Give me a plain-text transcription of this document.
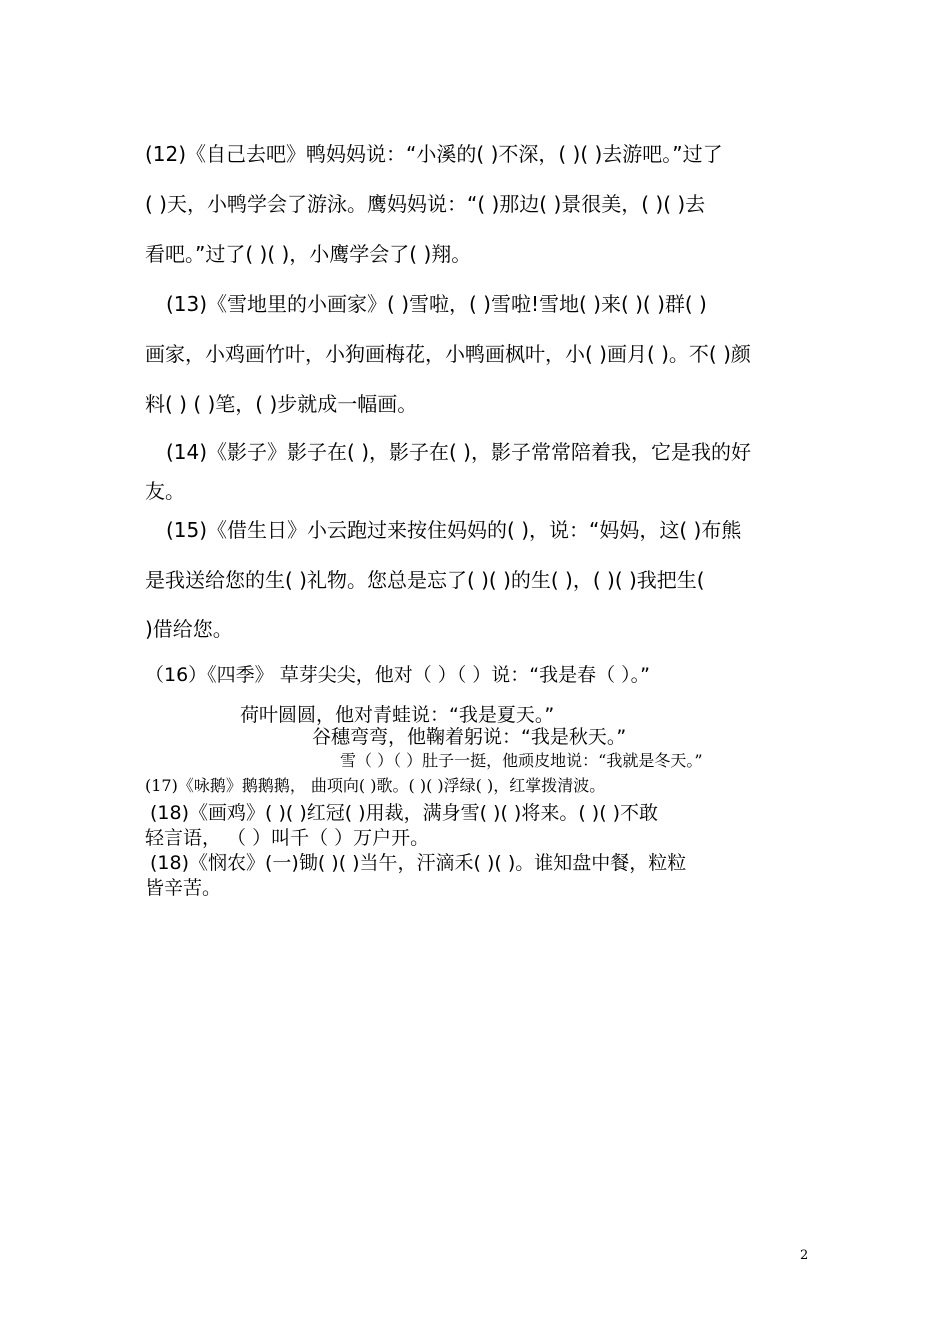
(12)《自己去吧》鸭妈妈说：“小溪的( )不深，( )( )去游吧。”过了
( )天，小鸭学会了游泳。鹰妈妈说：“( )那边( )景很美，( )( )去
看吧。”过了( )( )，小鹰学会了( )翔。
(13)《雪地里的小画家》( )雪啦，( )雪啦!雪地( )来( )( )群( )
画家，小鸡画竹叶，小狗画梅花，小鸭画枫叶，小( )画月( )。不( )颜
料( ) ( )笔，( )步就成一幅画。
(14)《影子》影子在( )，影子在( )，影子常常陪着我，它是我的好
友。
(15)《借生日》小云跑过来按住妈妈的( )，说：“妈妈，这( )布熊
是我送给您的生( )礼物。您总是忘了( )( )的生( )，( )( )我把生(
)借给您。
（16）《四季》 草芽尖尖，他对（ ）（ ）说：“我是春（ ）。”
荷叶圆圆，他对青蛙说：“我是夏天。”
谷穗弯弯，他鞠着躬说：“我是秋天。”
雪（ ）（ ）肚子一挺，他顽皮地说：“我就是冬天。”
(17)《咏鹅》鹅鹅鹅， 曲项向( )歌。( )( )浮绿( )，红掌拨清波。
(18)《画鸡》( )( )红冠( )用裁，满身雪( )( )将来。( )( )不敢
轻言语， （ ）叫千（ ）万户开。
(18)《悯农》(一)锄( )( )当午，汗滴禾( )( )。谁知盘中餐，粒粒
皆辛苦。
2
